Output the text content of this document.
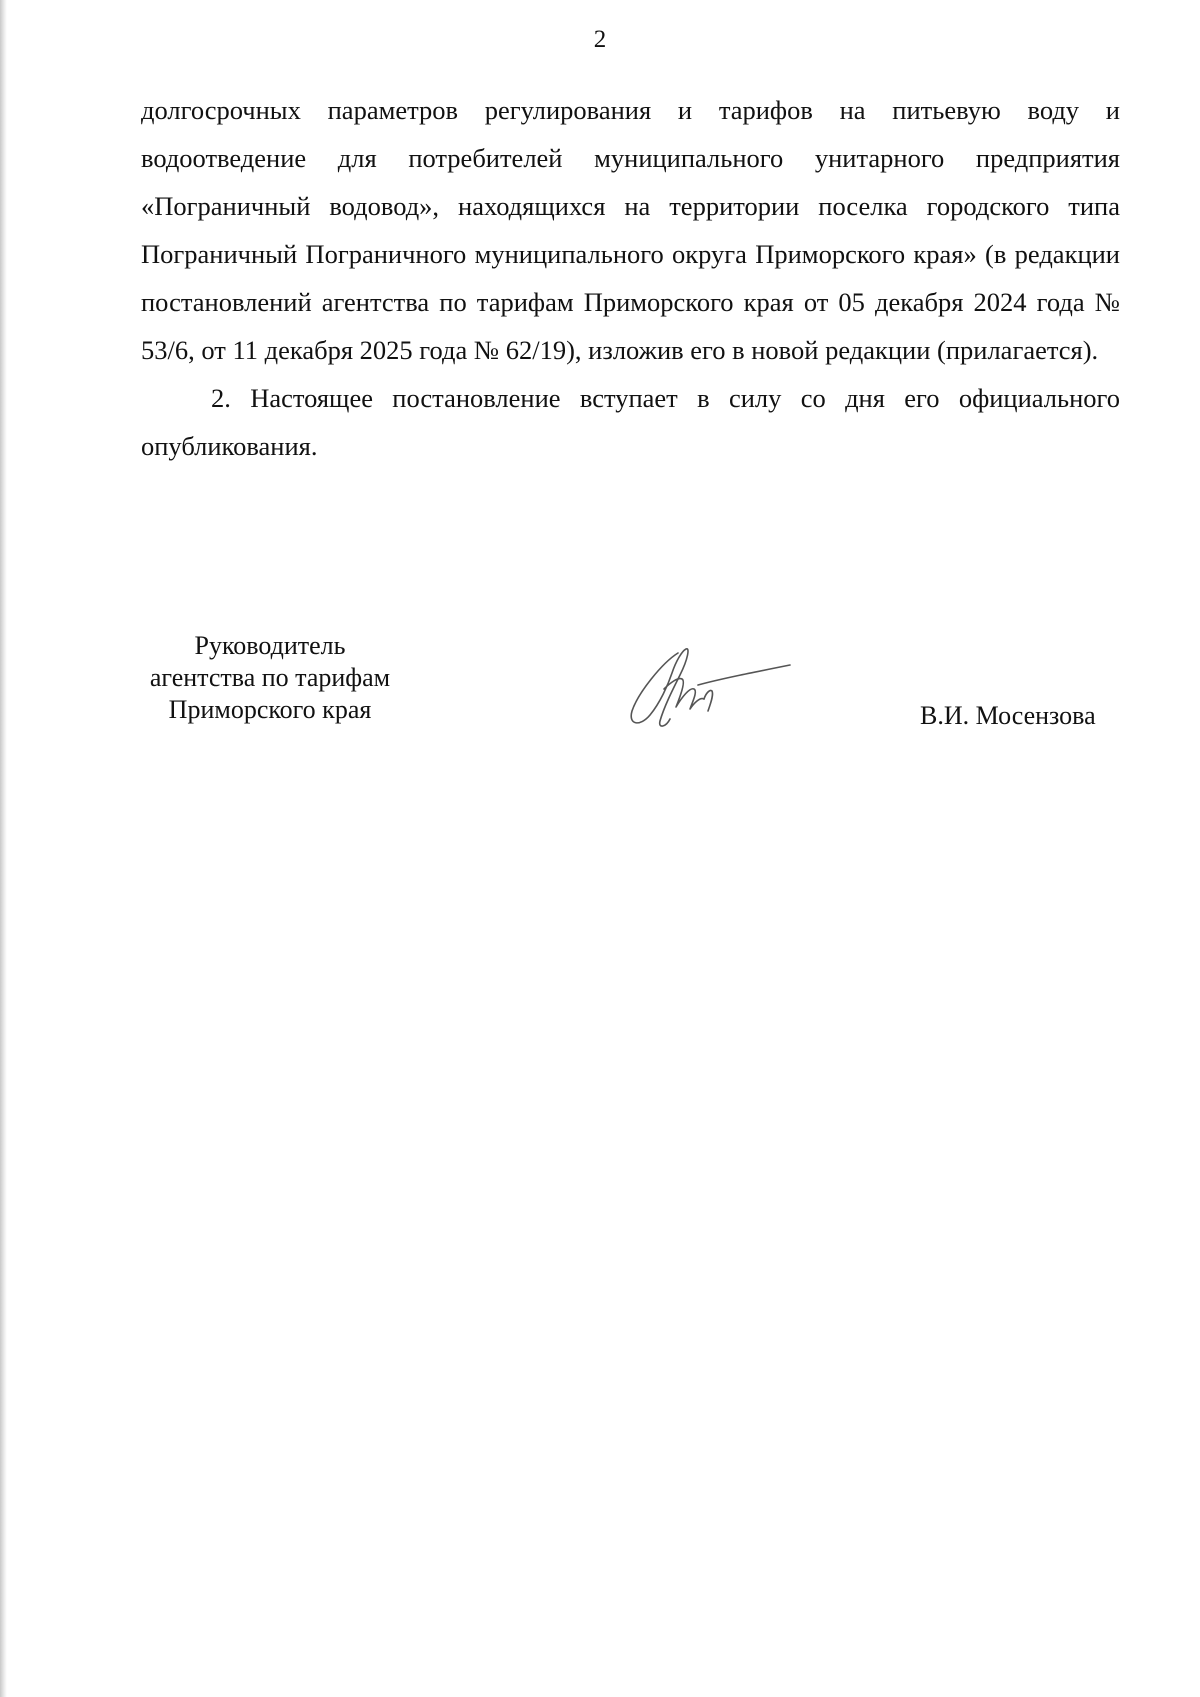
2

долгосрочных параметров регулирования и тарифов на питьевую воду и водоотведение для потребителей муниципального унитарного предприятия «Пограничный водовод», находящихся на территории поселка городского типа Пограничный Пограничного муниципального округа Приморского края» (в редакции постановлений агентства по тарифам Приморского края от 05 декабря 2024 года № 53/6, от 11 декабря 2025 года № 62/19), изложив его в новой редакции (прилагается).

2. Настоящее постановление вступает в силу со дня его официального опубликования.

Руководитель
агентства по тарифам
Приморского края	В.И. Мосензова
